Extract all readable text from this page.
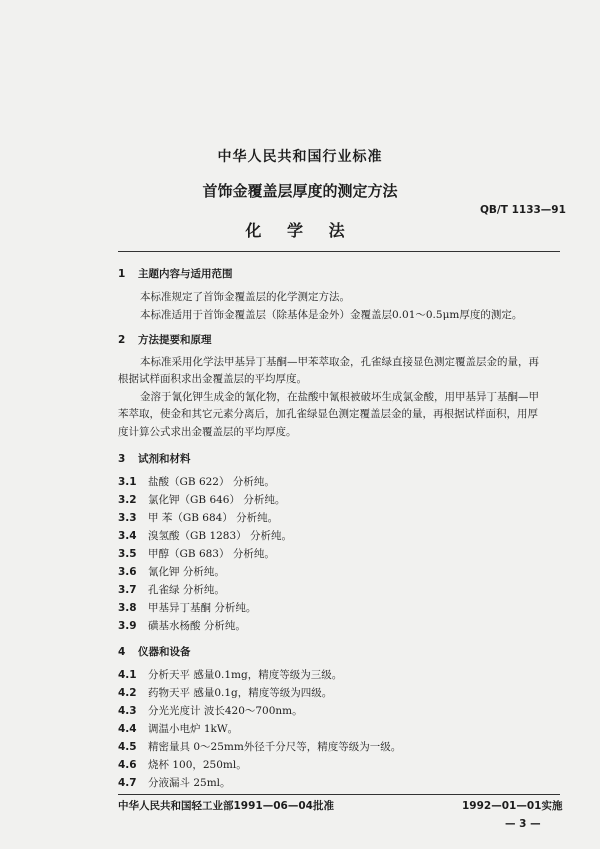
中华人民共和国行业标准
首饰金覆盖层厚度的测定方法
QB/T 1133—91
化 学 法
1 主题内容与适用范围
本标准规定了首饰金覆盖层的化学测定方法。
本标准适用于首饰金覆盖层（除基体是金外）金覆盖层0.01～0.5μm厚度的测定。
2 方法提要和原理
本标准采用化学法甲基异丁基酮—甲苯萃取金，孔雀绿直接显色测定覆盖层金的量，再
根据试样面积求出金覆盖层的平均厚度。
金溶于氰化钾生成金的氰化物，在盐酸中氰根被破坏生成氯金酸，用甲基异丁基酮—甲
苯萃取，使金和其它元素分离后，加孔雀绿显色测定覆盖层金的量，再根据试样面积，用厚
度计算公式求出金覆盖层的平均厚度。
3 试剂和材料
3.1 盐酸（GB 622） 分析纯。
3.2 氯化钾（GB 646） 分析纯。
3.3 甲 苯（GB 684） 分析纯。
3.4 溴氢酸（GB 1283） 分析纯。
3.5 甲醇（GB 683） 分析纯。
3.6 氰化钾 分析纯。
3.7 孔雀绿 分析纯。
3.8 甲基异丁基酮 分析纯。
3.9 磺基水杨酸 分析纯。
4 仪器和设备
4.1 分析天平 感量0.1mg，精度等级为三级。
4.2 药物天平 感量0.1g，精度等级为四级。
4.3 分光光度计 波长420～700nm。
4.4 调温小电炉 1kW。
4.5 精密量具 0～25mm外径千分尺等，精度等级为一级。
4.6 烧杯 100，250ml。
4.7 分液漏斗 25ml。
中华人民共和国轻工业部1991—06—04批准	1992—01—01实施
— 3 —
